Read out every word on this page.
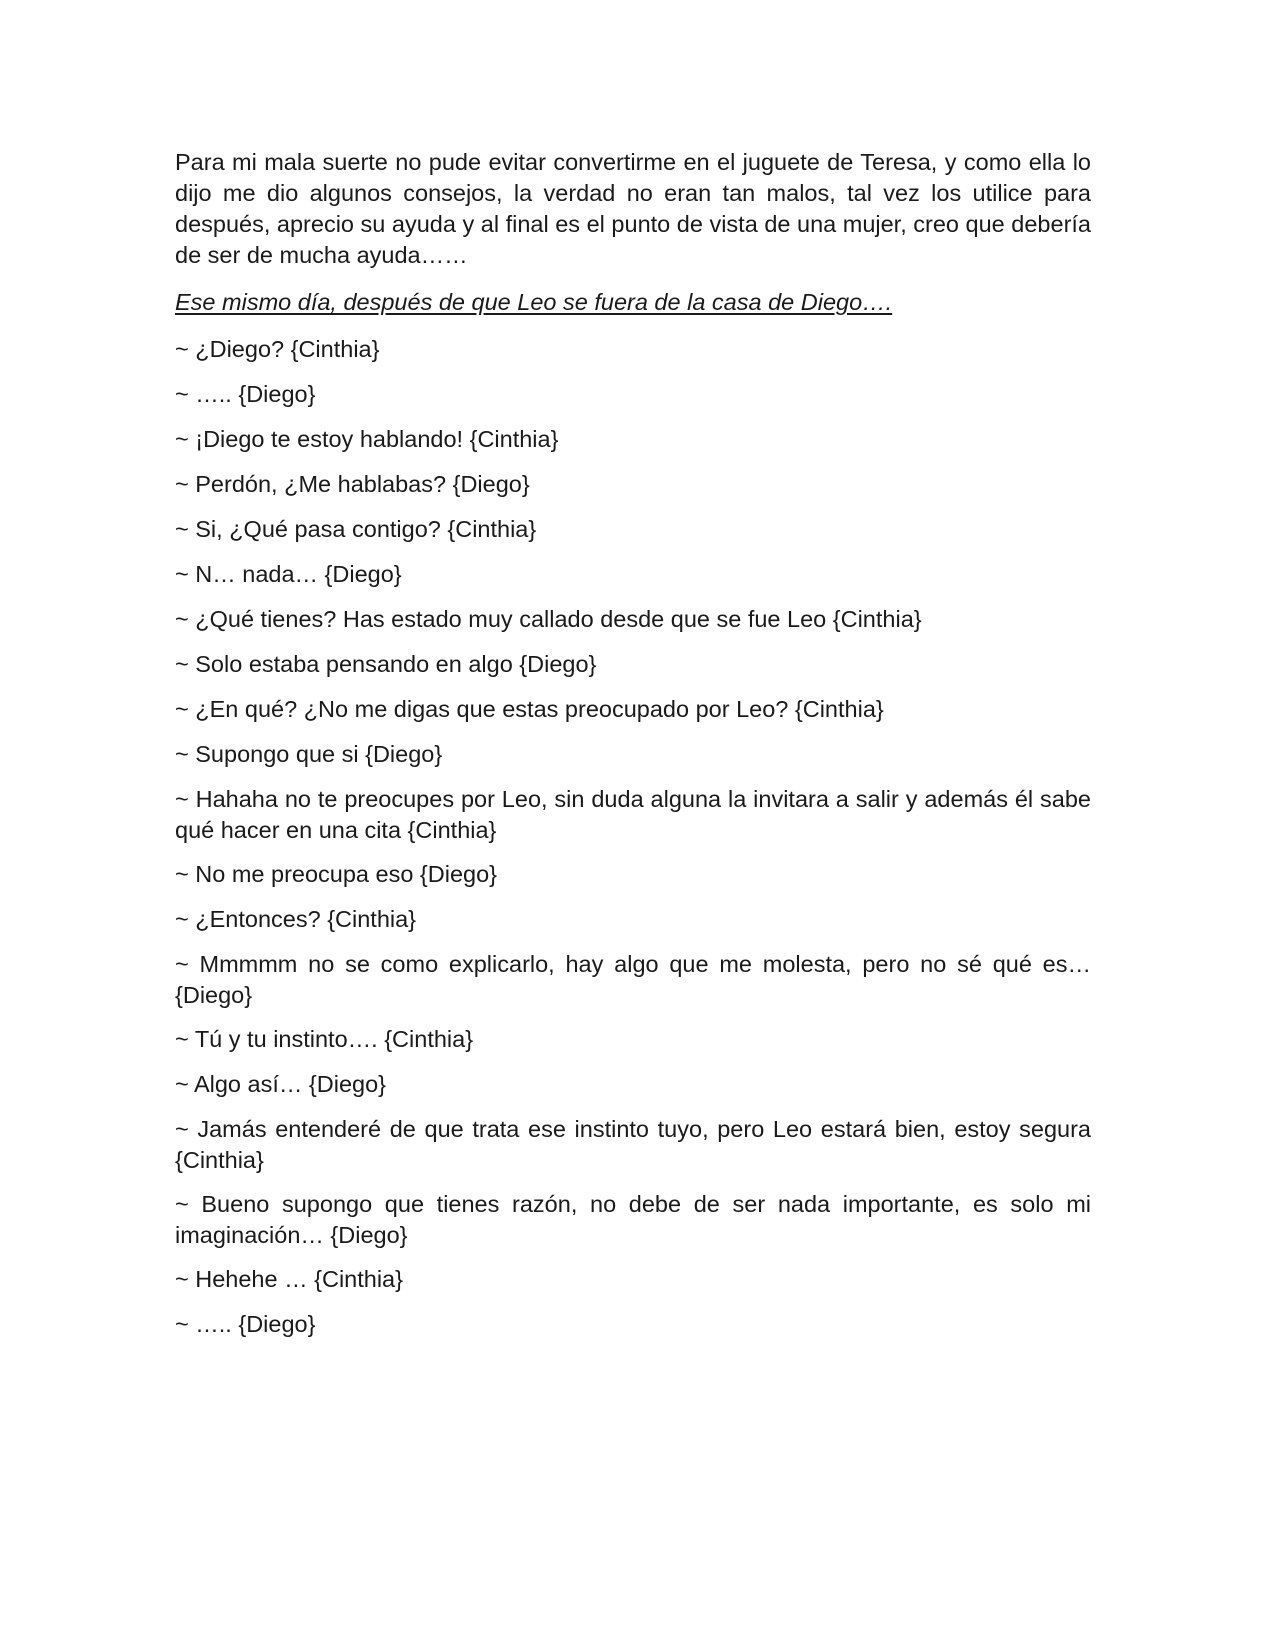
Para mi mala suerte no pude evitar convertirme en el juguete de Teresa, y como ella lo dijo me dio algunos consejos, la verdad no eran tan malos, tal vez los utilice para después, aprecio su ayuda y al final es el punto de vista de una mujer, creo que debería de ser de mucha ayuda……

Ese mismo día, después de que Leo se fuera de la casa de Diego….

~ ¿Diego? {Cinthia}

~ ….. {Diego}

~ ¡Diego te estoy hablando! {Cinthia}

~ Perdón, ¿Me hablabas? {Diego}

~ Si, ¿Qué pasa contigo? {Cinthia}

~ N… nada… {Diego}

~ ¿Qué tienes? Has estado muy callado desde que se fue Leo {Cinthia}

~ Solo estaba pensando en algo {Diego}

~ ¿En qué? ¿No me digas que estas preocupado por Leo? {Cinthia}

~ Supongo que si {Diego}

~ Hahaha no te preocupes por Leo, sin duda alguna la invitara a salir y además él sabe qué hacer en una cita {Cinthia}

~ No me preocupa eso {Diego}

~ ¿Entonces? {Cinthia}

~ Mmmmm no se como explicarlo, hay algo que me molesta, pero no sé qué es… {Diego}

~ Tú y tu instinto…. {Cinthia}

~ Algo así… {Diego}

~ Jamás entenderé de que trata ese instinto tuyo, pero Leo estará bien, estoy segura {Cinthia}

~ Bueno supongo que tienes razón, no debe de ser nada importante, es solo mi imaginación… {Diego}

~ Hehehe … {Cinthia}

~ ….. {Diego}
